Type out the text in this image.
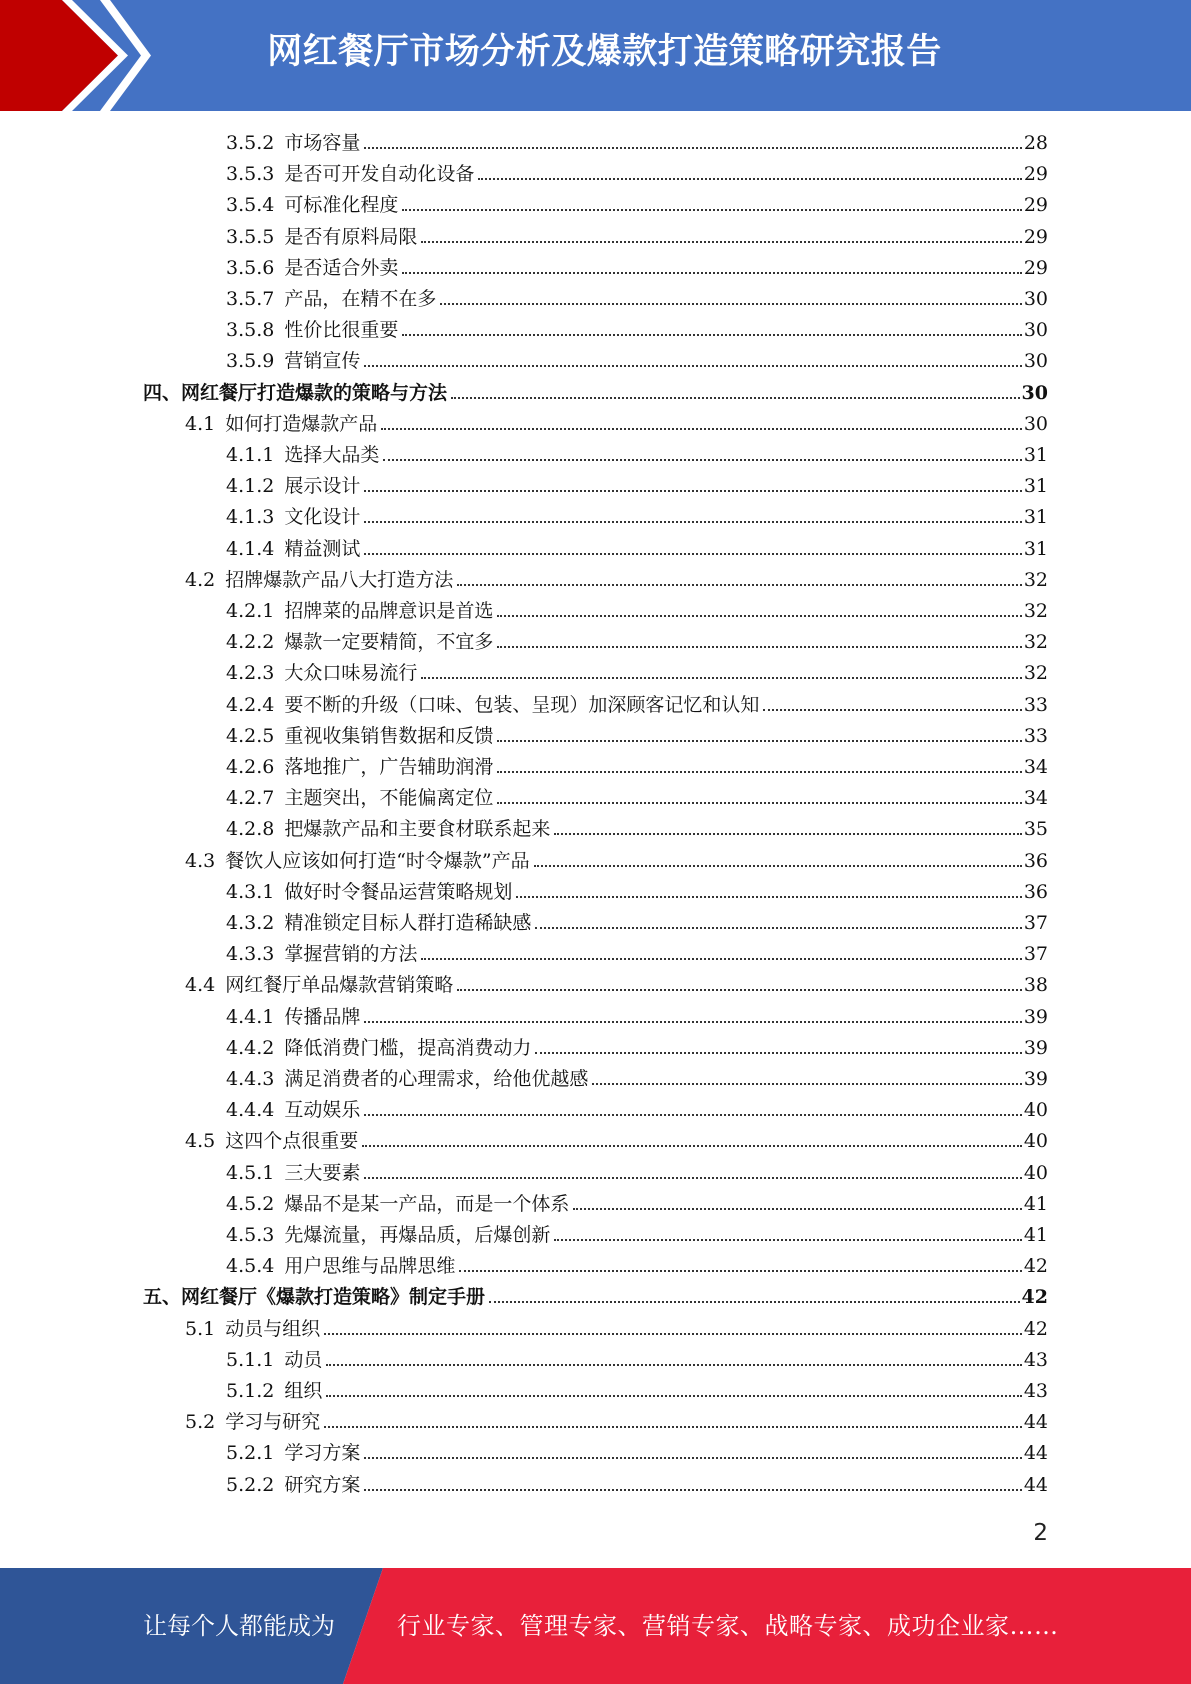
网红餐厅市场分析及爆款打造策略研究报告
3.5.2 市场容量	28
3.5.3 是否可开发自动化设备	29
3.5.4 可标准化程度	29
3.5.5 是否有原料局限	29
3.5.6 是否适合外卖	29
3.5.7 产品，在精不在多	30
3.5.8 性价比很重要	30
3.5.9 营销宣传	30
四、 网红餐厅打造爆款的策略与方法	30
4.1 如何打造爆款产品	30
4.1.1 选择大品类	31
4.1.2 展示设计	31
4.1.3 文化设计	31
4.1.4 精益测试	31
4.2 招牌爆款产品八大打造方法	32
4.2.1 招牌菜的品牌意识是首选	32
4.2.2 爆款一定要精简，不宜多	32
4.2.3 大众口味易流行	32
4.2.4 要不断的升级（口味、包装、呈现）加深顾客记忆和认知	33
4.2.5 重视收集销售数据和反馈	33
4.2.6 落地推广，广告辅助润滑	34
4.2.7 主题突出，不能偏离定位	34
4.2.8 把爆款产品和主要食材联系起来	35
4.3 餐饮人应该如何打造“时令爆款”产品	36
4.3.1 做好时令餐品运营策略规划	36
4.3.2 精准锁定目标人群打造稀缺感	37
4.3.3 掌握营销的方法	37
4.4 网红餐厅单品爆款营销策略	38
4.4.1 传播品牌	39
4.4.2 降低消费门槛，提高消费动力	39
4.4.3 满足消费者的心理需求，给他优越感	39
4.4.4 互动娱乐	40
4.5 这四个点很重要	40
4.5.1 三大要素	40
4.5.2 爆品不是某一产品，而是一个体系	41
4.5.3 先爆流量，再爆品质，后爆创新	41
4.5.4 用户思维与品牌思维	42
五、 网红餐厅《爆款打造策略》制定手册	42
5.1 动员与组织	42
5.1.1 动员	43
5.1.2 组织	43
5.2 学习与研究	44
5.2.1 学习方案	44
5.2.2 研究方案	44
2
让每个人都能成为	行业专家、管理专家、营销专家、战略专家、成功企业家……
